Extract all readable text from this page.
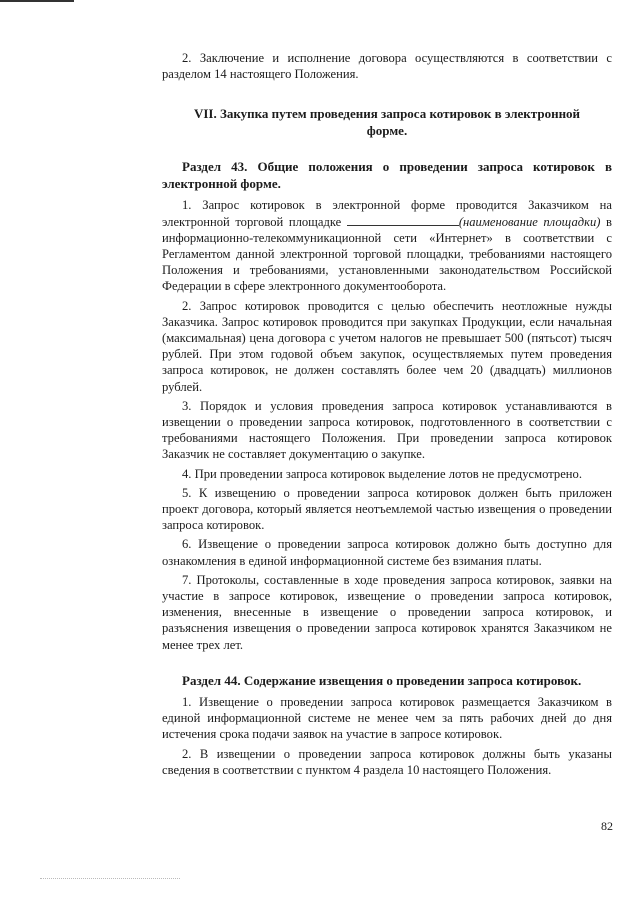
2. Заключение и исполнение договора осуществляются в соответствии с разделом 14 настоящего Положения.

VII. Закупка путем проведения запроса котировок в электронной
форме.

Раздел 43. Общие положения о проведении запроса котировок в электронной форме.

1. Запрос котировок в электронной форме проводится Заказчиком на электронной торговой площадке	(наименование площадки) в информационно-телекоммуникационной сети «Интернет» в соответствии с Регламентом данной электронной торговой площадки, требованиями настоящего Положения и требованиями, установленными законодательством Российской Федерации в сфере электронного документооборота.

2. Запрос котировок проводится с целью обеспечить неотложные нужды Заказчика. Запрос котировок проводится при закупках Продукции, если начальная (максимальная) цена договора с учетом налогов не превышает 500 (пятьсот) тысяч рублей. При этом годовой объем закупок, осуществляемых путем проведения запроса котировок, не должен составлять более чем 20 (двадцать) миллионов рублей.

3. Порядок и условия проведения запроса котировок устанавливаются в извещении о проведении запроса котировок, подготовленного в соответствии с требованиями настоящего Положения. При проведении запроса котировок Заказчик не составляет документацию о закупке.

4. При проведении запроса котировок выделение лотов не предусмотрено.

5. К извещению о проведении запроса котировок должен быть приложен проект договора, который является неотъемлемой частью извещения о проведении запроса котировок.

6. Извещение о проведении запроса котировок должно быть доступно для ознакомления в единой информационной системе без взимания платы.

7. Протоколы, составленные в ходе проведения запроса котировок, заявки на участие в запросе котировок, извещение о проведении запроса котировок, изменения, внесенные в извещение о проведении запроса котировок, и разъяснения извещения о проведении запроса котировок хранятся Заказчиком не менее трех лет.

Раздел 44. Содержание извещения о проведении запроса котировок.

1. Извещение о проведении запроса котировок размещается Заказчиком в единой информационной системе не менее чем за пять рабочих дней до дня истечения срока подачи заявок на участие в запросе котировок.

2. В извещении о проведении запроса котировок должны быть указаны сведения в соответствии с пунктом 4 раздела 10 настоящего Положения.

82
